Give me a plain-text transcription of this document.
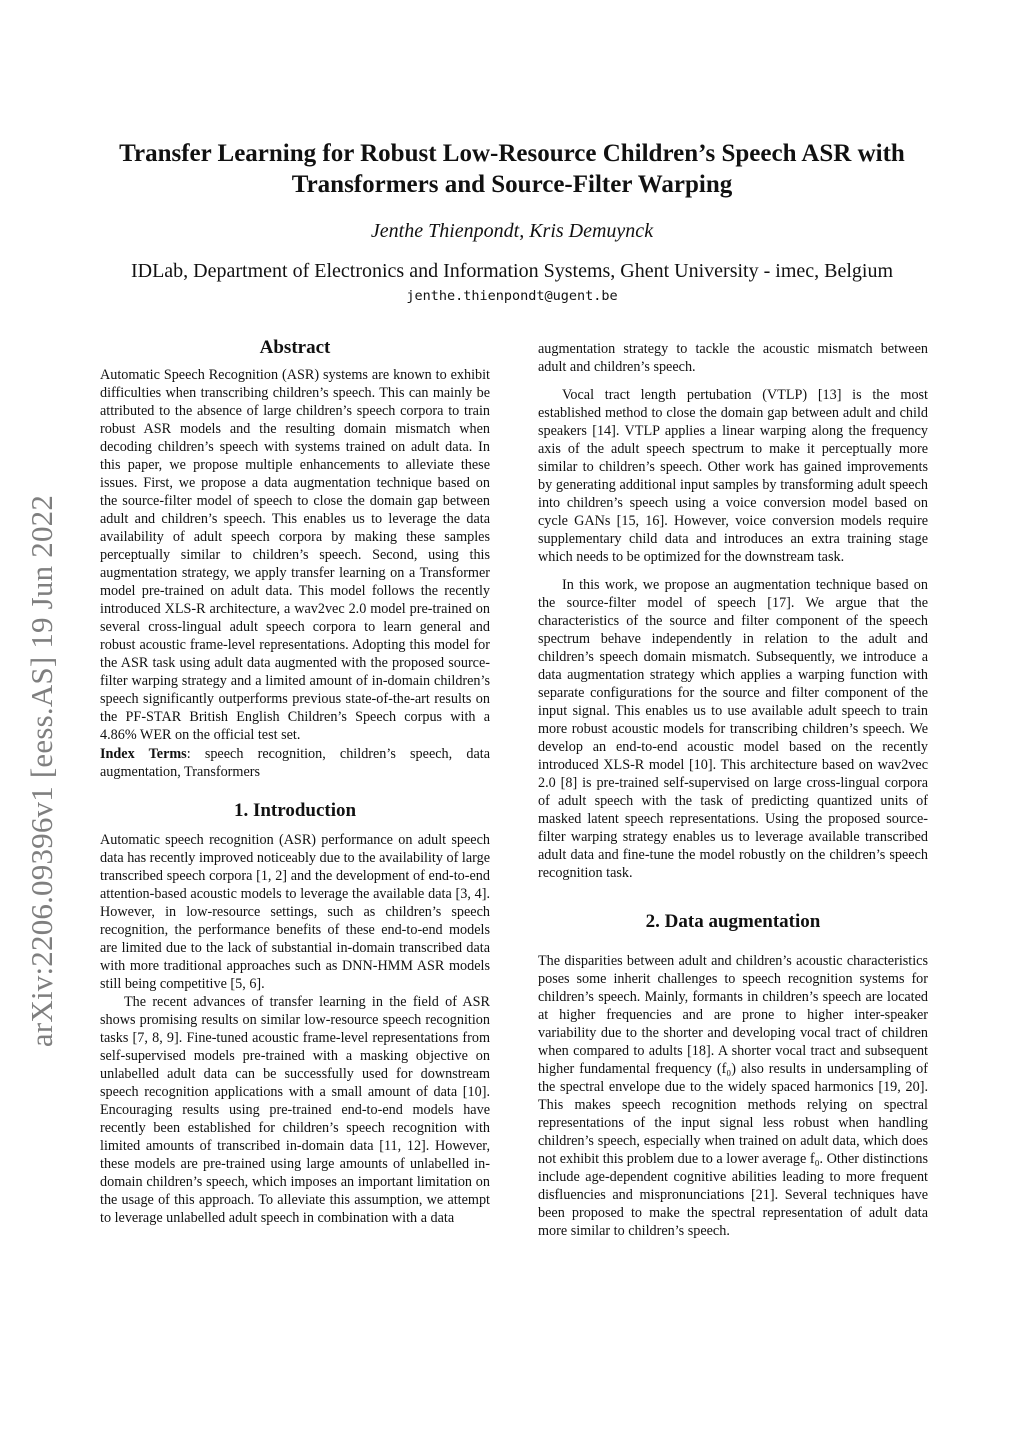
arXiv:2206.09396v1 [eess.AS] 19 Jun 2022
Transfer Learning for Robust Low-Resource Children’s Speech ASR with
Transformers and Source-Filter Warping
Jenthe Thienpondt, Kris Demuynck
IDLab, Department of Electronics and Information Systems, Ghent University - imec, Belgium
jenthe.thienpondt@ugent.be
Abstract

Automatic Speech Recognition (ASR) systems are known to exhibit difficulties when transcribing children’s speech. This can mainly be attributed to the absence of large children’s speech corpora to train robust ASR models and the resulting domain mismatch when decoding children’s speech with systems trained on adult data. In this paper, we propose multiple enhancements to alleviate these issues. First, we propose a data augmentation technique based on the source-filter model of speech to close the domain gap between adult and children’s speech. This enables us to leverage the data availability of adult speech corpora by making these samples perceptually similar to children’s speech. Second, using this augmentation strategy, we apply transfer learning on a Transformer model pre-trained on adult data. This model follows the recently introduced XLS-R architecture, a wav2vec 2.0 model pre-trained on several cross-lingual adult speech corpora to learn general and robust acoustic frame-level representations. Adopting this model for the ASR task using adult data augmented with the proposed source-filter warping strategy and a limited amount of in-domain children’s speech significantly outperforms previous state-of-the-art results on the PF-STAR British English Children’s Speech corpus with a 4.86% WER on the official test set.

Index Terms: speech recognition, children’s speech, data augmentation, Transformers

1. Introduction

Automatic speech recognition (ASR) performance on adult speech data has recently improved noticeably due to the availability of large transcribed speech corpora [1, 2] and the development of end-to-end attention-based acoustic models to leverage the available data [3, 4]. However, in low-resource settings, such as children’s speech recognition, the performance benefits of these end-to-end models are limited due to the lack of substantial in-domain transcribed data with more traditional approaches such as DNN-HMM ASR models still being competitive [5, 6].

The recent advances of transfer learning in the field of ASR shows promising results on similar low-resource speech recognition tasks [7, 8, 9]. Fine-tuned acoustic frame-level representations from self-supervised models pre-trained with a masking objective on unlabelled adult data can be successfully used for downstream speech recognition applications with a small amount of data [10]. Encouraging results using pre-trained end-to-end models have recently been established for children’s speech recognition with limited amounts of transcribed in-domain data [11, 12]. However, these models are pre-trained using large amounts of unlabelled in-domain children’s speech, which imposes an important limitation on the usage of this approach. To alleviate this assumption, we attempt to leverage unlabelled adult speech in combination with a data

augmentation strategy to tackle the acoustic mismatch between adult and children’s speech.

Vocal tract length pertubation (VTLP) [13] is the most established method to close the domain gap between adult and child speakers [14]. VTLP applies a linear warping along the frequency axis of the adult speech spectrum to make it perceptually more similar to children’s speech. Other work has gained improvements by generating additional input samples by transforming adult speech into children’s speech using a voice conversion model based on cycle GANs [15, 16]. However, voice conversion models require supplementary child data and introduces an extra training stage which needs to be optimized for the downstream task.

In this work, we propose an augmentation technique based on the source-filter model of speech [17]. We argue that the characteristics of the source and filter component of the speech spectrum behave independently in relation to the adult and children’s speech domain mismatch. Subsequently, we introduce a data augmentation strategy which applies a warping function with separate configurations for the source and filter component of the input signal. This enables us to use available adult speech to train more robust acoustic models for transcribing children’s speech. We develop an end-to-end acoustic model based on the recently introduced XLS-R model [10]. This architecture based on wav2vec 2.0 [8] is pre-trained self-supervised on large cross-lingual corpora of adult speech with the task of predicting quantized units of masked latent speech representations. Using the proposed source-filter warping strategy enables us to leverage available transcribed adult data and fine-tune the model robustly on the children’s speech recognition task.

2. Data augmentation

The disparities between adult and children’s acoustic characteristics poses some inherit challenges to speech recognition systems for children’s speech. Mainly, formants in children’s speech are located at higher frequencies and are prone to higher inter-speaker variability due to the shorter and developing vocal tract of children when compared to adults [18]. A shorter vocal tract and subsequent higher fundamental frequency (f₀) also results in undersampling of the spectral envelope due to the widely spaced harmonics [19, 20]. This makes speech recognition methods relying on spectral representations of the input signal less robust when handling children’s speech, especially when trained on adult data, which does not exhibit this problem due to a lower average f₀. Other distinctions include age-dependent cognitive abilities leading to more frequent disfluencies and mispronunciations [21]. Several techniques have been proposed to make the spectral representation of adult data more similar to children’s speech.
